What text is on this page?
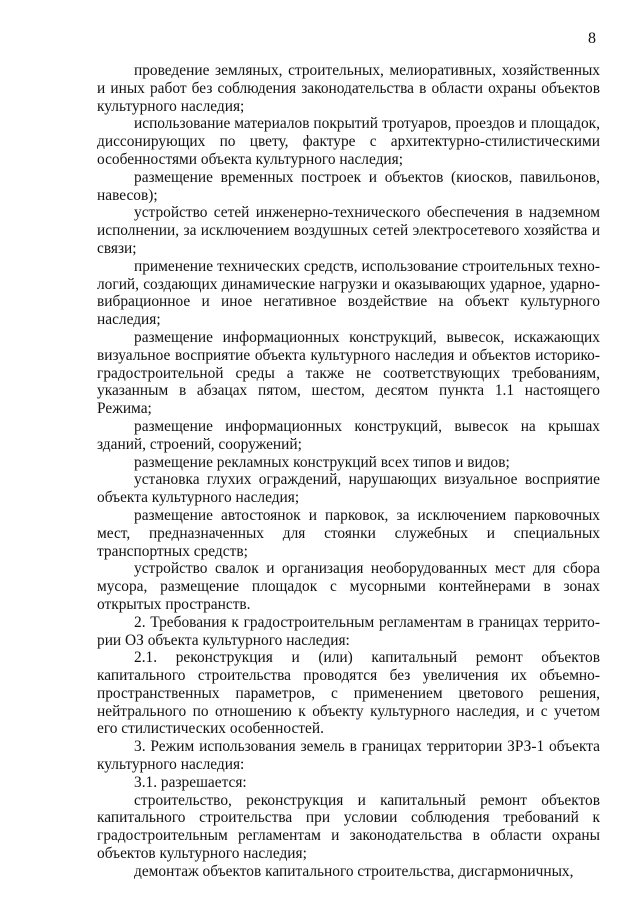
8

проведение земляных, строительных, мелиоративных, хозяйственных и иных работ без соблюдения законодательства в области охраны объектов культурного наследия;

использование материалов покрытий тротуаров, проездов и площадок, диссонирующих по цвету, фактуре с архитектурно-стилистическими особенностями объекта культурного наследия;

размещение временных построек и объектов (киосков, павильонов, навесов);

устройство сетей инженерно-технического обеспечения в надземном исполнении, за исключением воздушных сетей электросетевого хозяйства и связи;

применение технических средств, использование строительных технологий, создающих динамические нагрузки и оказывающих ударное, ударновибрационное и иное негативное воздействие на объект культурного наследия;

размещение информационных конструкций, вывесок, искажающих визуальное восприятие объекта культурного наследия и объектов историко-градостроительной среды а также не соответствующих требованиям, указанным в абзацах пятом, шестом, десятом пункта 1.1 настоящего Режима;

размещение информационных конструкций, вывесок на крышах зданий, строений, сооружений;

размещение рекламных конструкций всех типов и видов;

установка глухих ограждений, нарушающих визуальное восприятие объекта культурного наследия;

размещение автостоянок и парковок, за исключением парковочных мест, предназначенных для стоянки служебных и специальных транспортных средств;

устройство свалок и организация необорудованных мест для сбора мусора, размещение площадок с мусорными контейнерами в зонах открытых пространств.

2. Требования к градостроительным регламентам в границах территории ОЗ объекта культурного наследия:

2.1. реконструкция и (или) капитальный ремонт объектов капитального строительства проводятся без увеличения их объемно-пространственных параметров, с применением цветового решения, нейтрального по отношению к объекту культурного наследия, и с учетом его стилистических особенностей.

3. Режим использования земель в границах территории ЗРЗ-1 объекта культурного наследия:

3.1. разрешается:

строительство, реконструкция и капитальный ремонт объектов капитального строительства при условии соблюдения требований к градостроительным регламентам и законодательства в области охраны объектов культурного наследия;

демонтаж объектов капитального строительства, дисгармоничных,
